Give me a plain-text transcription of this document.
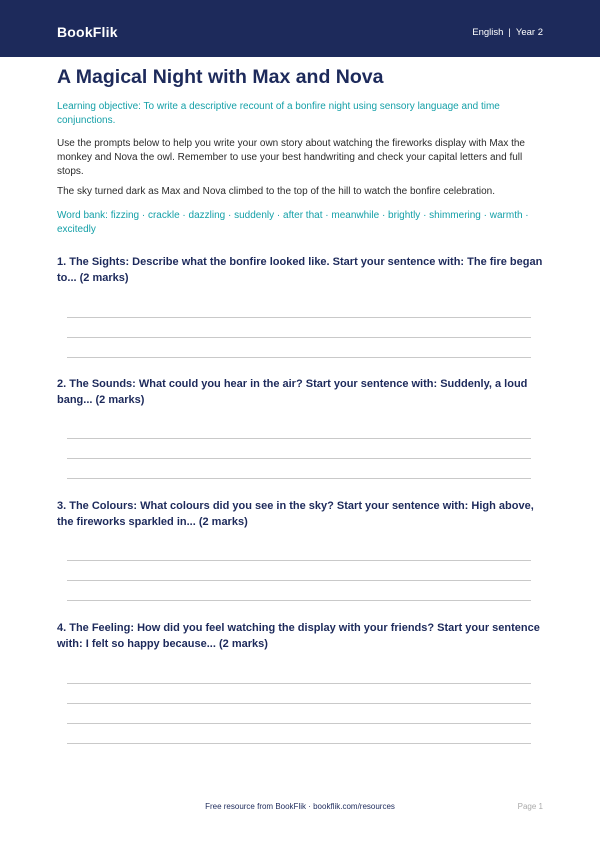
BookFlik	English | Year 2
A Magical Night with Max and Nova

Learning objective: To write a descriptive recount of a bonfire night using sensory language and time conjunctions.

Use the prompts below to help you write your own story about watching the fireworks display with Max the monkey and Nova the owl. Remember to use your best handwriting and check your capital letters and full stops.

The sky turned dark as Max and Nova climbed to the top of the hill to watch the bonfire celebration.

Word bank: fizzing · crackle · dazzling · suddenly · after that · meanwhile · brightly · shimmering · warmth · excitedly

1. The Sights: Describe what the bonfire looked like. Start your sentence with: The fire began to... (2 marks)

2. The Sounds: What could you hear in the air? Start your sentence with: Suddenly, a loud bang... (2 marks)

3. The Colours: What colours did you see in the sky? Start your sentence with: High above, the fireworks sparkled in... (2 marks)

4. The Feeling: How did you feel watching the display with your friends? Start your sentence with: I felt so happy because... (2 marks)

Free resource from BookFlik · bookflik.com/resources	Page 1
